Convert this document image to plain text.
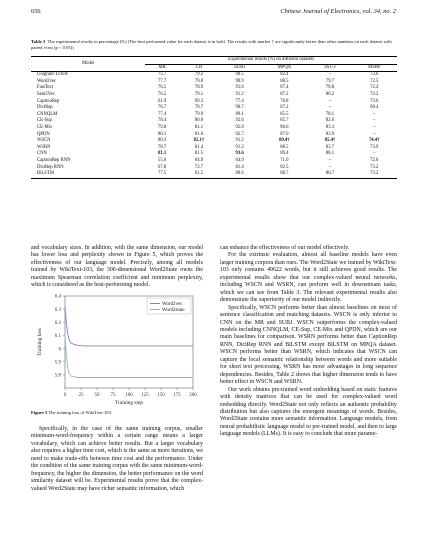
656	Chinese Journal of Electronics, vol. 34, no. 2
Table 3 The experimental results in percentage (%) (The best performed value for each dataset is in bold. The results with marker † are significantly better than other numbers on each dataset with paired t-test (p < 0.05))
Model	Experimental results (%) on different datasets					
	MR	CR	SUBJ	MPQA	SST-2	MSRP
Unigram-TFIDF	75.7	79.2	90.5	82.4	–	73.6
Word2vec	77.7	79.8	90.9	88.5	79.7	72.5
FastText	76.5	78.9	91.6	87.4	78.8	72.4
Sent2Vec	76.5	79.1	91.2	87.2	80.2	72.2
CaptionRep	61.9	69.3	77.4	70.8	–	73.6
DictRep	76.7	78.7	90.7	87.2	–	68.4
CNNQLM	77.4	79.9	89.1	85.5	78.1	–
CE-Sup	78.4	80.0	92.6	85.7	82.6	–
CE-Mix	79.8	81.1	92.8	86.6	83.3	–
QPDN	80.1	81.0	92.7	87.0	83.9	–
WSCN	80.3	82.1†	91.2	89.4†	85.4†	74.4†
WSRN	78.7	81.4	91.2	88.5	83.7	73.9
CNN	81.1	81.5	93.6	89.4	88.1	–
CaptionRep RNN	55.0	64.9	64.9	71.0	–	72.6
DictRep RNN	67.8	72.7	81.4	82.5	–	73.2
BiLSTM	77.5	81.5	89.6	88.7	80.7	73.2

and vocabulary sizes. In addition, with the same dimension, our model has lower loss and perplexity shown in Figure 5, which proves the effectiveness of our language model. Precisely, among all models trained by WikiText-103, the 300-dimensional Word2State owns the maximum Spearman correlation coefficient and minimum perplexity, which is considered as the best-performing model.

0 25 50 75 100 125 150 175 200
5.8
5.9
6
6.1
6.2
6.3
6.4
Training step
Training loss
Word2vec
Word2state
Figure 5 The training loss of WikiText-103.

Specifically, in the case of the same training corpus, smaller minimum-word-frequency within a certain range means a larger vocabulary, which can achieve better results. But a larger vocabulary also requires a higher time cost, which is the same as more iterations, we need to make trade-offs between time cost and the performance. Under the condition of the same training corpus with the same minimum-word-frequency, the higher the dimension, the better performance on the word similarity dataset will be. Experimental results prove that the complex-valued Word2State may have richer semantic information, which

can enhance the effectiveness of our model effectively.

For the extrinsic evaluation, almost all baseline models have even larger training corpora than ours. The Word2State we trained by WikiText-103 only contains 49622 words, but it still achieves good results. The experimental results show that our complex-valued neural networks, including WSCN and WSRN, can preform well in downstream tasks, which we can see from Table 3. The relevant experimental results also demonstrate the superiority of our model indirectly.

Specifically, WSCN performs better than almost baselines on most of sentence classification and matching datasets. WSCN is only inferior to CNN on the MR and SUBJ. WSCN outperforms the complex-valued models including CNNQLM, CE-Sup, CE-Mix and QPDN, which are our main baselines for comparison. WSRN performs better than CaptionRep RNN, DictRep RNN and BiLSTM except BiLSTM on MPQA dataset. WSCN performs better than WSRN, which indicates that WSCN can capture the local semantic relationship between words and more suitable for short text processing. WSRN has more advantages in long sequence dependencies. Besides, Table 2 shows that higher dimension tends to have better effect in WSCN and WSRN.

Our work obtains pre-trained word embedding based on static features with density matrices that can be used for complex-valued word embedding directly. Word2State not only reflects an authentic probability distribution but also captures the emergent meanings of words. Besides, Word2State contains more semantic information. Language models, from neural probabilistic language model to pre-trained model, and then to large language models (LLMs). It is easy to conclude that more parame-
